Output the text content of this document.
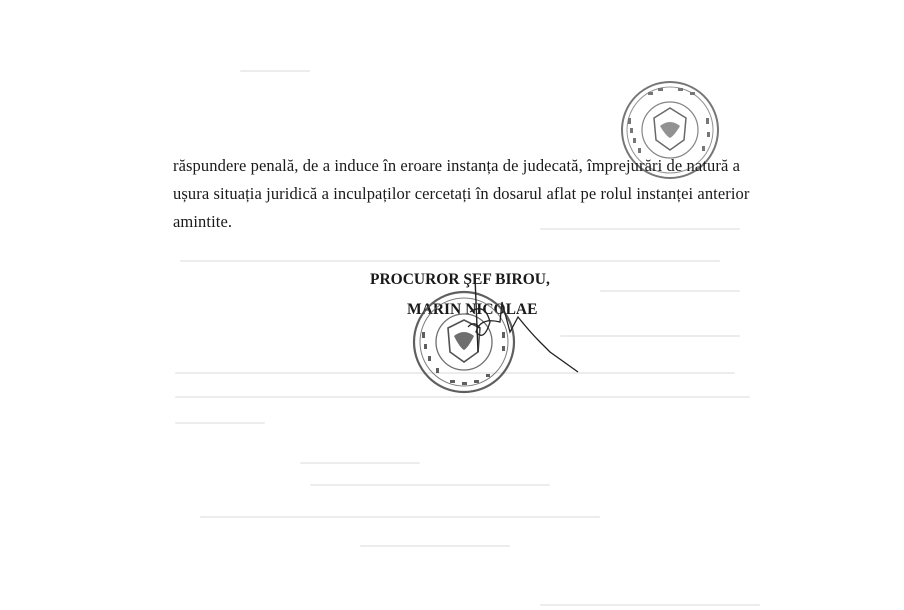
răspundere penală, de a induce în eroare instanța de judecată, împrejurări de natură a
ușura situația juridică a inculpaților cercetați în dosarul aflat pe rolul instanței anterior
amintite.
PROCUROR ŞEF BIROU,
MARIN NICOLAE
